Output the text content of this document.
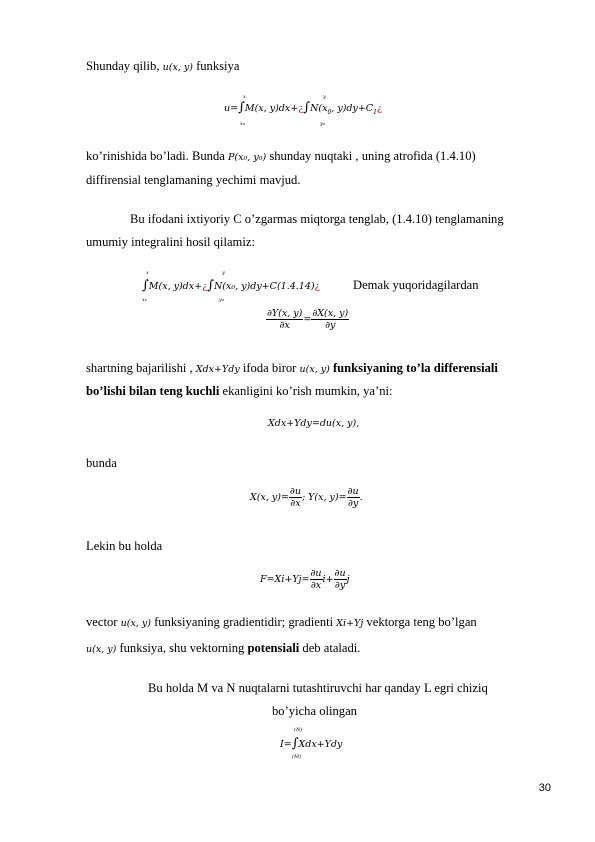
Shunday qilib, u(x, y) funksiya
u=∫M(x, $y)dx+¿\int N(x_0$, $y)dy+C_1¿$
x
x₀
y
y₀
ko’rinishida bo’ladi. Bunda P(x₀, y₀) shunday nuqtaki , uning atrofida (1.4.10)
diffirensial tenglamaning yechimi mavjud.
Bu ifodani ixtiyoriy C o’zgarmas miqtorga tenglab, (1.4.10) tenglamaning
umumiy integralini hosil qilamiz:
∫M(x, y)dx+¿∫N(x₀, y)dy+C(1.4.14)¿	Demak yuqoridagilardan
x
x₀
y
y₀
$\frac{\partial Y(x, y)}{\partial x} = \frac{\partial X(x, y)}{\partial y}$
shartning bajarilishi , Xdx+Ydy ifoda biror u(x, y) funksiyaning to’la differensiali
bo’lishi bilan teng kuchli ekanligini ko’rish mumkin, ya’ni:
Xdx+Ydy=du(x, y),
bunda
X(x, $y)= \frac{\partial u}{\partial x}$ ; Y(x, $y)= \frac{\partial u}{\partial y}$ .
Lekin bu holda
$F=Xi+Yj= \frac{\partial u}{\partial x} i+ \frac{\partial u}{\partial y}$ j
vector u(x, y) funksiyaning gradientidir; gradienti Xi+Yj vektorga teng bo’lgan
u(x, y) funksiya, shu vektorning potensiali deb ataladi.
Bu holda M va N nuqtalarni tutashtiruvchi har qanday L egri chiziq
bo’yicha olingan
I=∫Xdx+Ydy
(N)
(M)
30
